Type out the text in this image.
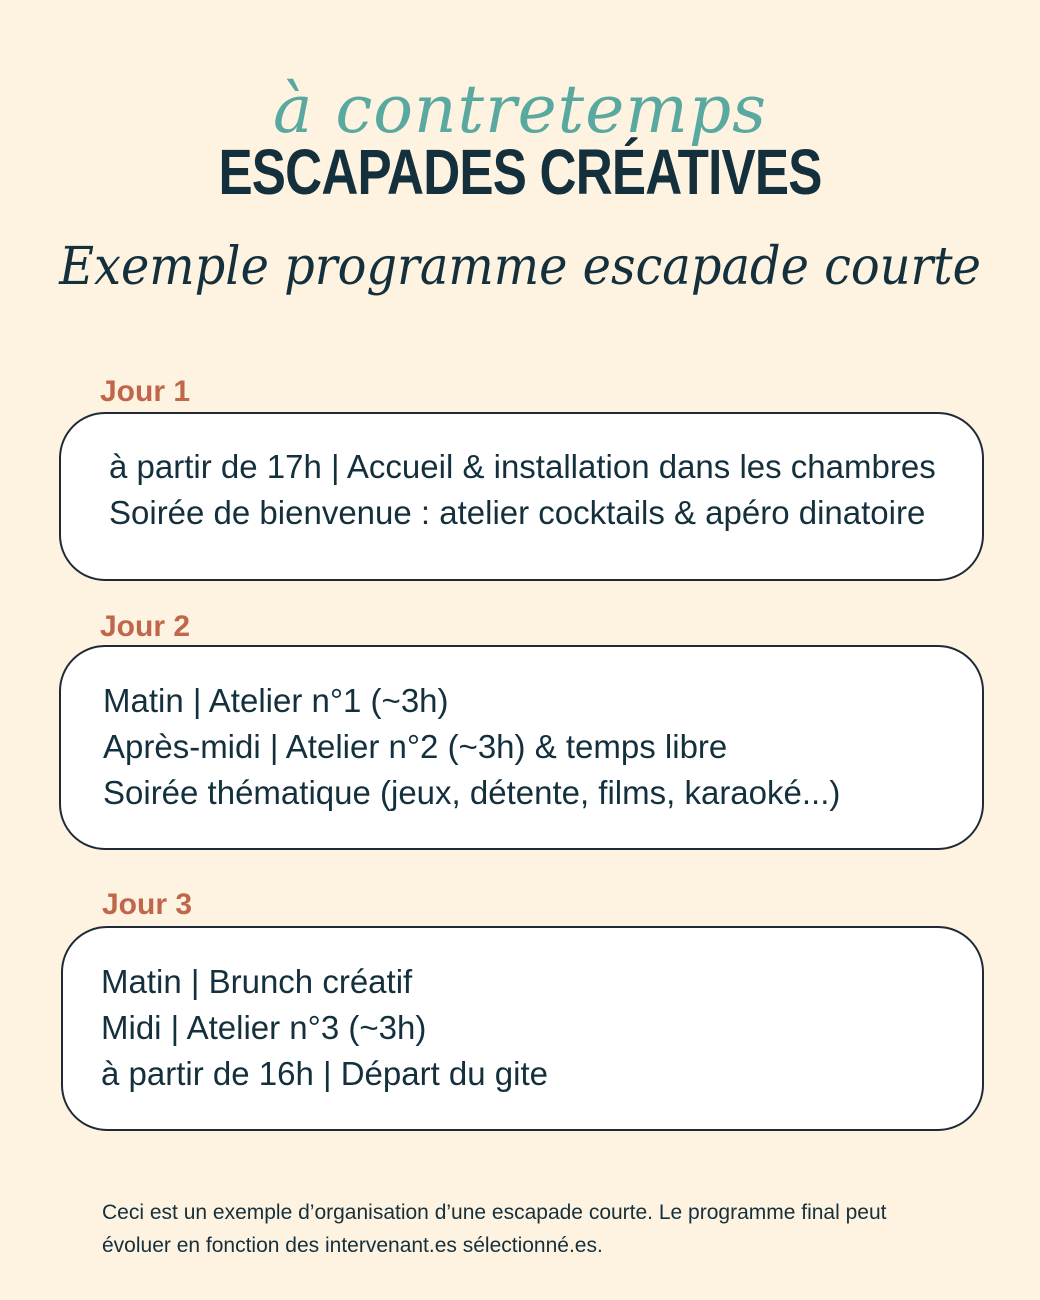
à contretemps
ESCAPADES CRÉATIVES
Exemple programme escapade courte
Jour 1
à partir de 17h | Accueil & installation dans les chambres
Soirée de bienvenue : atelier cocktails & apéro dinatoire
Jour 2
Matin | Atelier n°1 (~3h)
Après-midi | Atelier n°2 (~3h) & temps libre
Soirée thématique (jeux, détente, films, karaoké...)
Jour 3
Matin | Brunch créatif
Midi | Atelier n°3 (~3h)
à partir de 16h | Départ du gite
Ceci est un exemple d’organisation d’une escapade courte. Le programme final peut évoluer en fonction des intervenant.es sélectionné.es.
